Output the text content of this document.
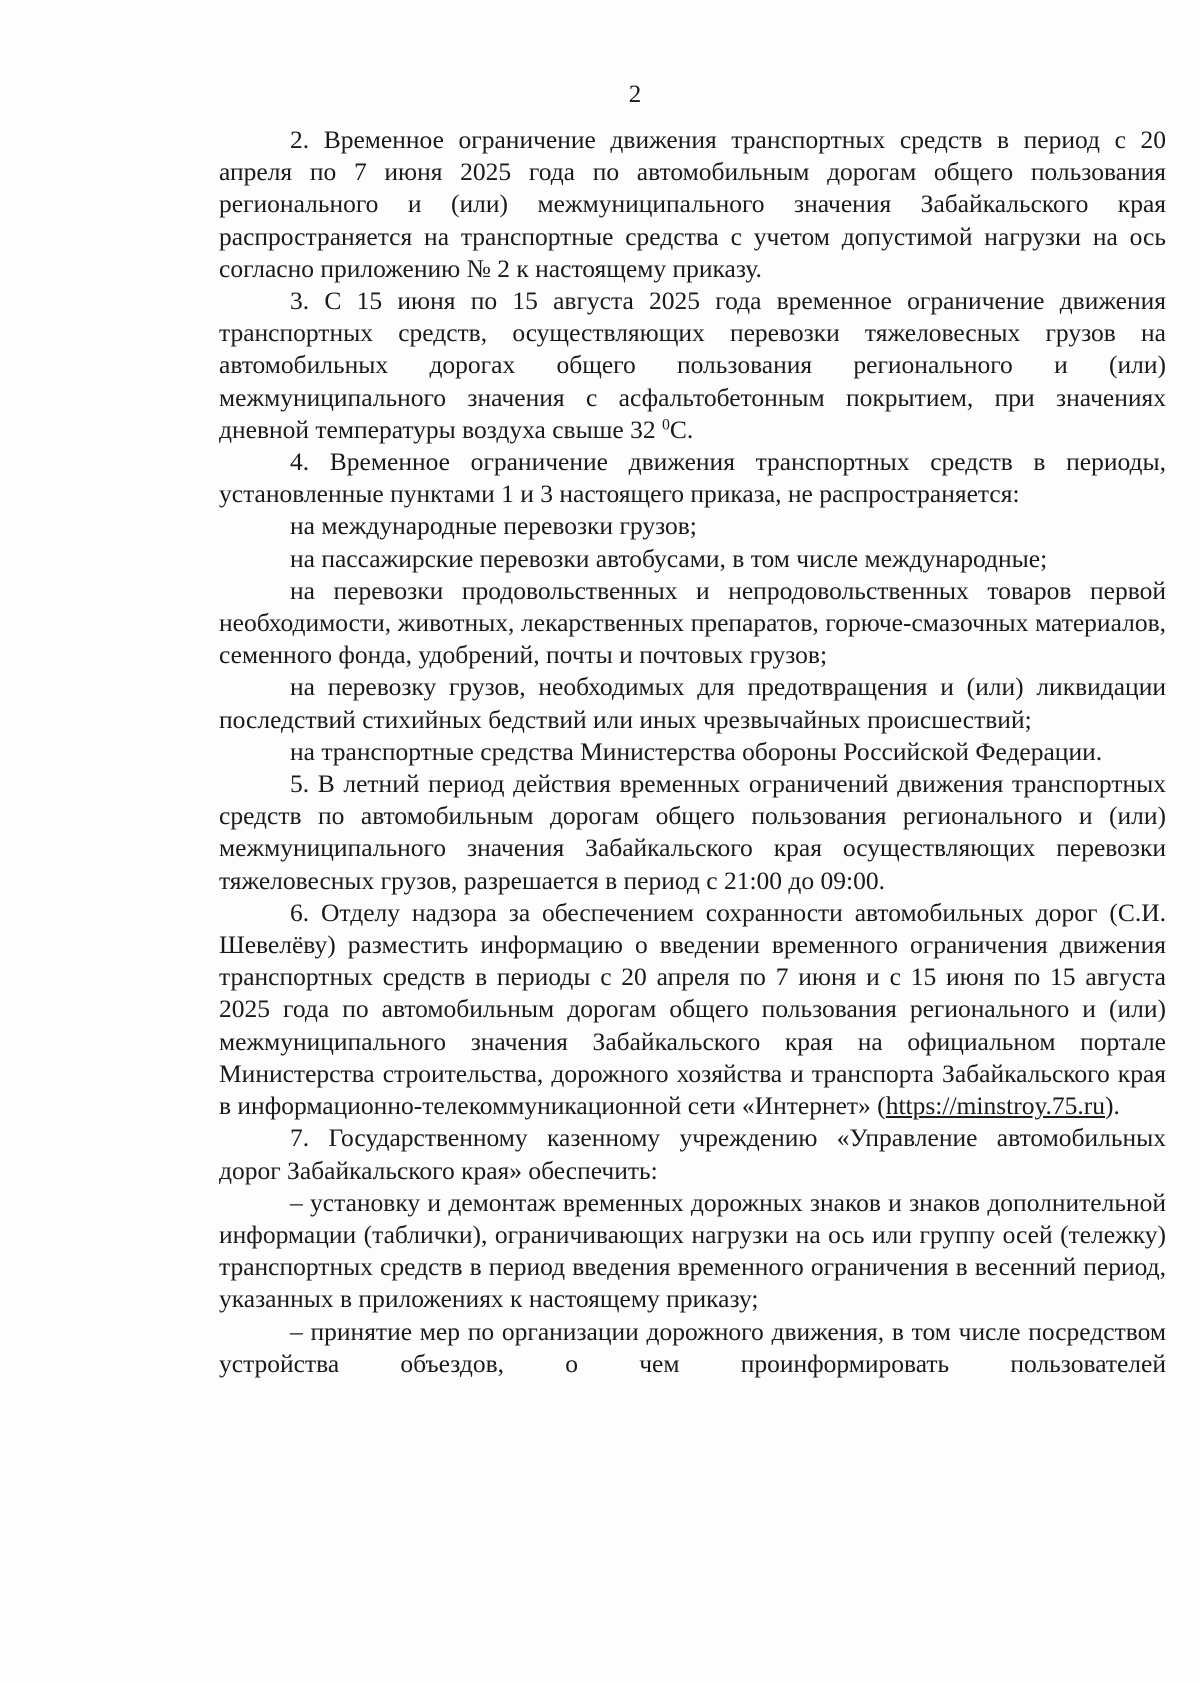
2

2. Временное ограничение движения транспортных средств в период с 20 апреля по 7 июня 2025 года по автомобильным дорогам общего пользования регионального и (или) межмуниципального значения Забайкальского края распространяется на транспортные средства с учетом допустимой нагрузки на ось согласно приложению № 2 к настоящему приказу.

3. С 15 июня по 15 августа 2025 года временное ограничение движения транспортных средств, осуществляющих перевозки тяжеловесных грузов на автомобильных дорогах общего пользования регионального и (или) межмуниципального значения с асфальтобетонным покрытием, при значениях дневной температуры воздуха свыше 32 $^0$С.

4. Временное ограничение движения транспортных средств в периоды, установленные пунктами 1 и 3 настоящего приказа, не распространяется:

на международные перевозки грузов;

на пассажирские перевозки автобусами, в том числе международные;

на перевозки продовольственных и непродовольственных товаров первой необходимости, животных, лекарственных препаратов, горюче-смазочных материалов, семенного фонда, удобрений, почты и почтовых грузов;

на перевозку грузов, необходимых для предотвращения и (или) ликвидации последствий стихийных бедствий или иных чрезвычайных происшествий;

на транспортные средства Министерства обороны Российской Федерации.

5. В летний период действия временных ограничений движения транспортных средств по автомобильным дорогам общего пользования регионального и (или) межмуниципального значения Забайкальского края осуществляющих перевозки тяжеловесных грузов, разрешается в период с 21:00 до 09:00.

6. Отделу надзора за обеспечением сохранности автомобильных дорог (С.И. Шевелёву) разместить информацию о введении временного ограничения движения транспортных средств в периоды с 20 апреля по 7 июня и с 15 июня по 15 августа 2025 года по автомобильным дорогам общего пользования регионального и (или) межмуниципального значения Забайкальского края на официальном портале Министерства строительства, дорожного хозяйства и транспорта Забайкальского края в информационно-телекоммуникационной сети «Интернет» (https://minstroy.75.ru).

7. Государственному казенному учреждению «Управление автомобильных дорог Забайкальского края» обеспечить:

– установку и демонтаж временных дорожных знаков и знаков дополнительной информации (таблички), ограничивающих нагрузки на ось или группу осей (тележку) транспортных средств в период введения временного ограничения в весенний период, указанных в приложениях к настоящему приказу;

– принятие мер по организации дорожного движения, в том числе посредством устройства объездов, о чем проинформировать пользователей
